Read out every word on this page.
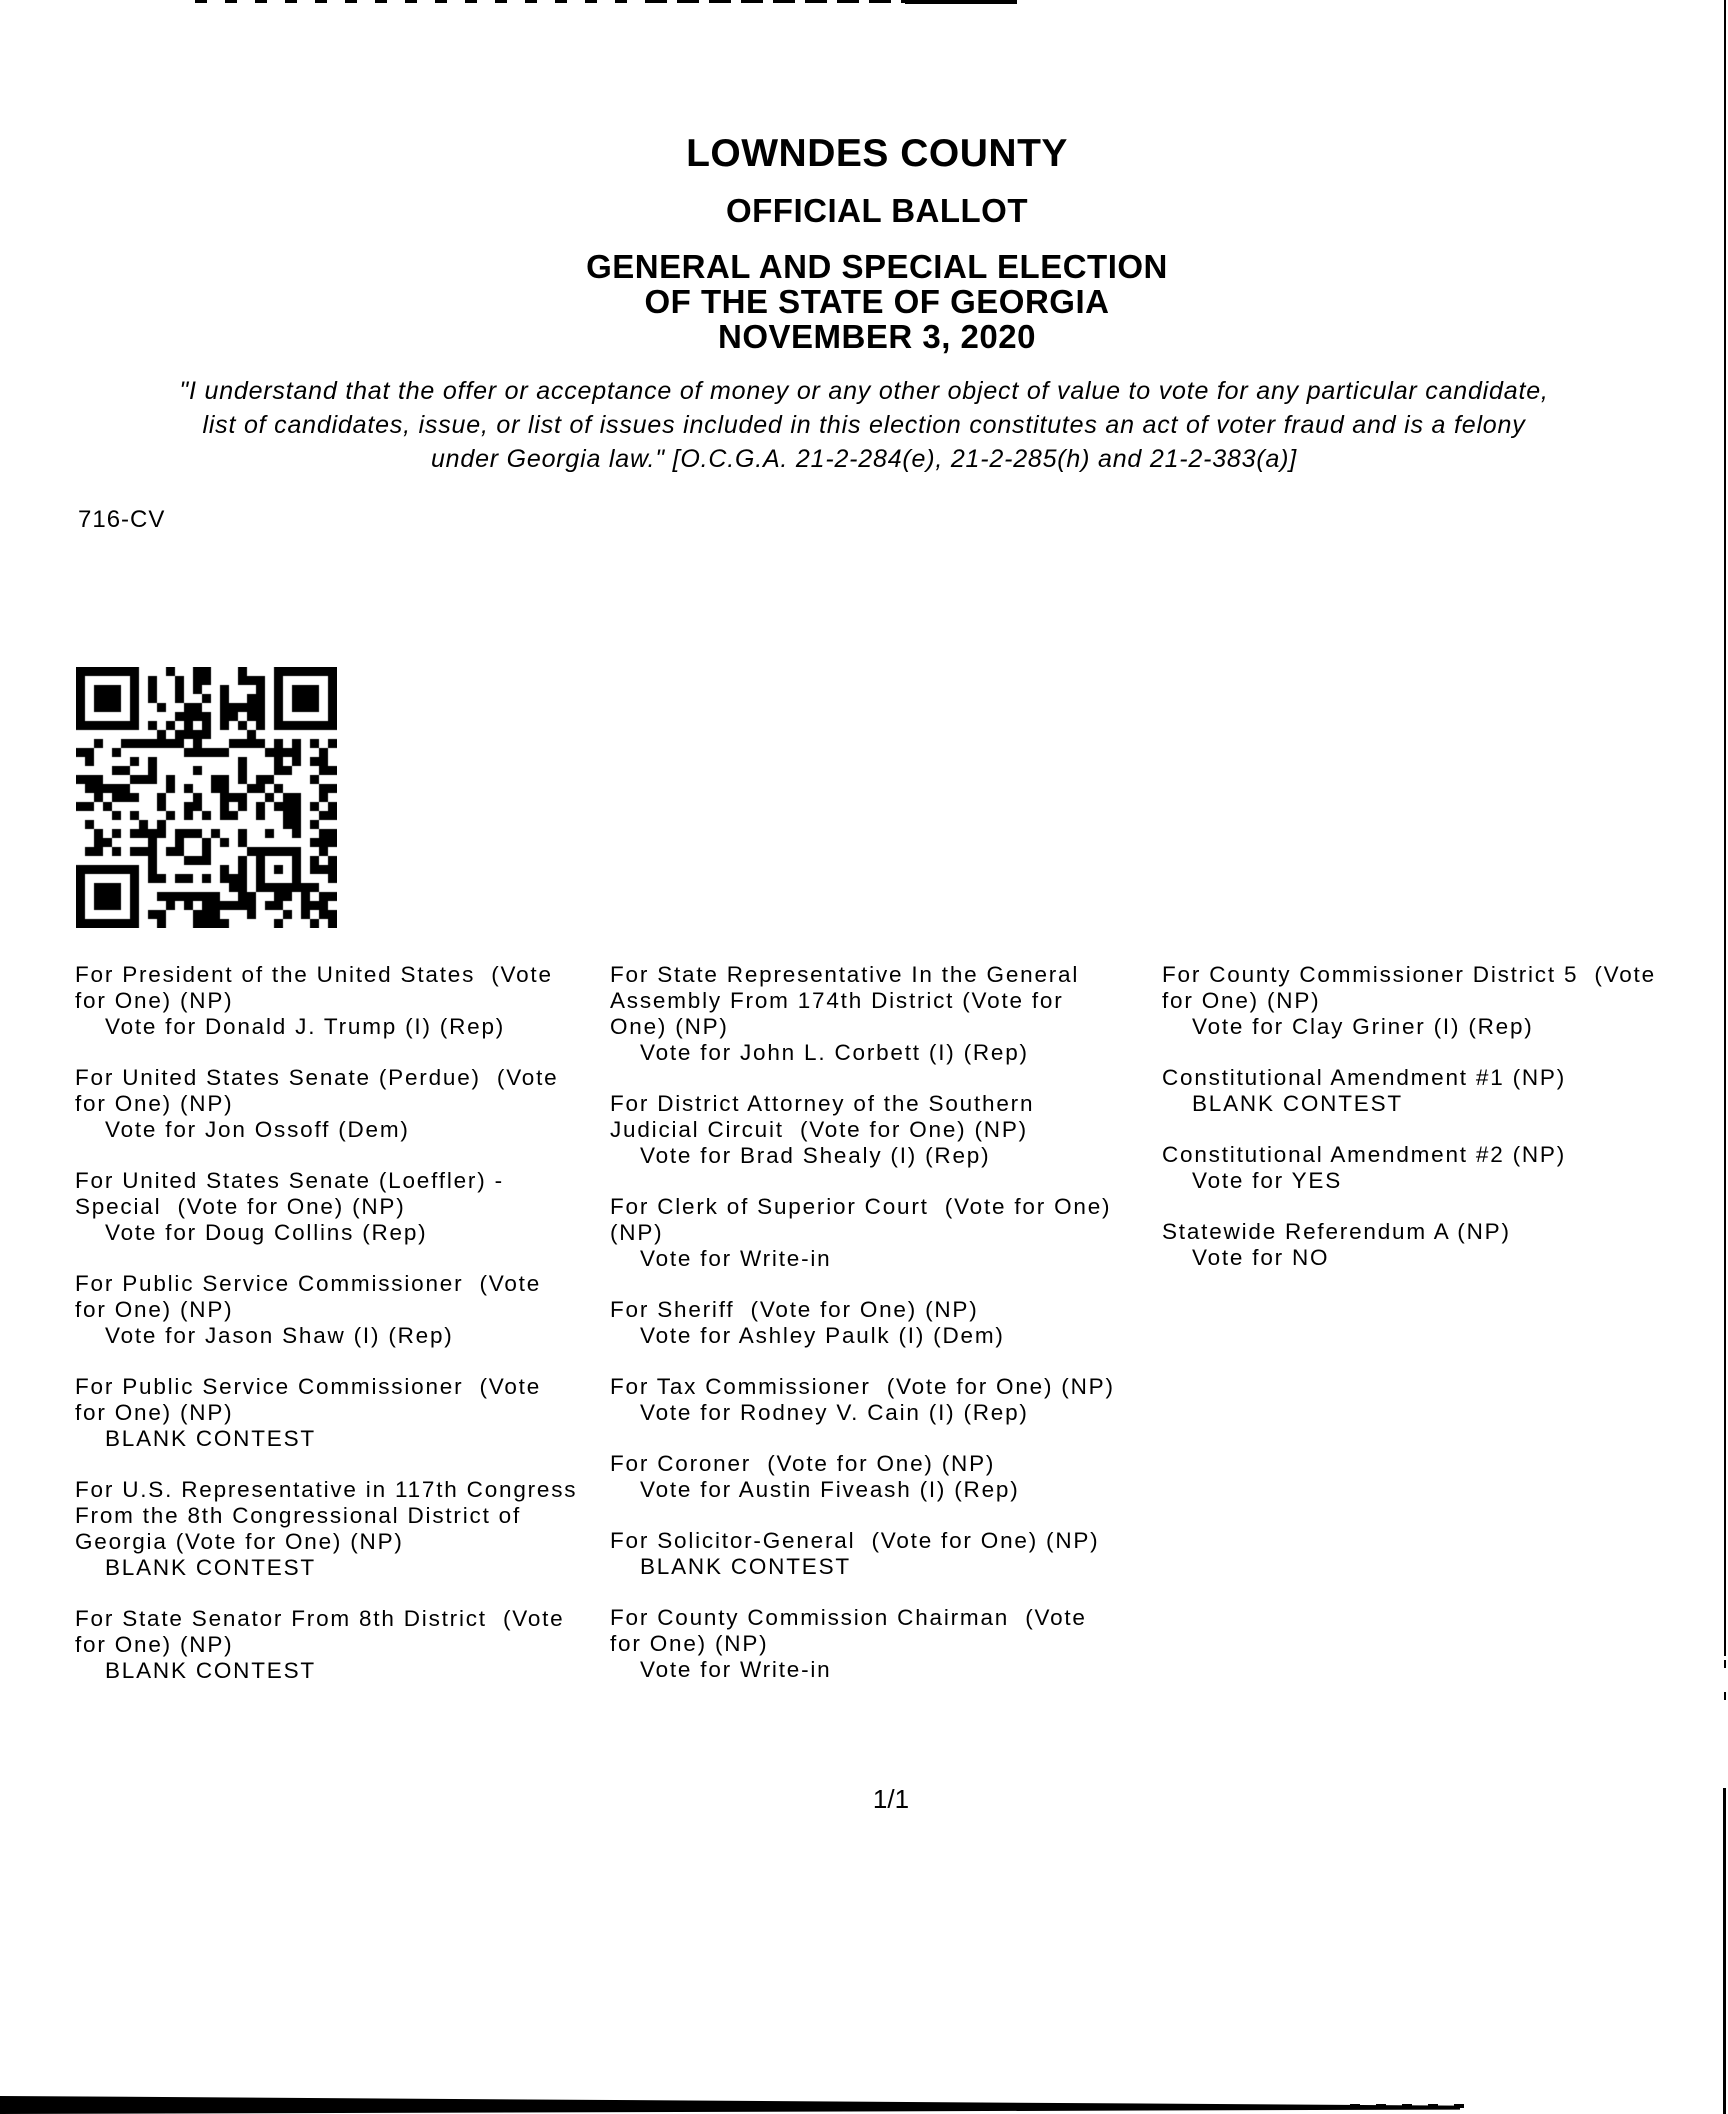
LOWNDES COUNTY
OFFICIAL BALLOT
GENERAL AND SPECIAL ELECTION
OF THE STATE OF GEORGIA
NOVEMBER 3, 2020
"I understand that the offer or acceptance of money or any other object of value to vote for any particular candidate,
list of candidates, issue, or list of issues included in this election constitutes an act of voter fraud and is a felony
under Georgia law." [O.C.G.A. 21-2-284(e), 21-2-285(h) and 21-2-383(a)]
716-CV
For President of the United States  (Vote
for One) (NP)
Vote for Donald J. Trump (I) (Rep)
For United States Senate (Perdue)  (Vote
for One) (NP)
Vote for Jon Ossoff (Dem)
For United States Senate (Loeffler) -
Special  (Vote for One) (NP)
Vote for Doug Collins (Rep)
For Public Service Commissioner  (Vote
for One) (NP)
Vote for Jason Shaw (I) (Rep)
For Public Service Commissioner  (Vote
for One) (NP)
BLANK CONTEST
For U.S. Representative in 117th Congress
From the 8th Congressional District of
Georgia (Vote for One) (NP)
BLANK CONTEST
For State Senator From 8th District  (Vote
for One) (NP)
BLANK CONTEST
For State Representative In the General
Assembly From 174th District (Vote for
One) (NP)
Vote for John L. Corbett (I) (Rep)
For District Attorney of the Southern
Judicial Circuit  (Vote for One) (NP)
Vote for Brad Shealy (I) (Rep)
For Clerk of Superior Court  (Vote for One)
(NP)
Vote for Write-in
For Sheriff  (Vote for One) (NP)
Vote for Ashley Paulk (I) (Dem)
For Tax Commissioner  (Vote for One) (NP)
Vote for Rodney V. Cain (I) (Rep)
For Coroner  (Vote for One) (NP)
Vote for Austin Fiveash (I) (Rep)
For Solicitor-General  (Vote for One) (NP)
BLANK CONTEST
For County Commission Chairman  (Vote
for One) (NP)
Vote for Write-in
For County Commissioner District 5  (Vote
for One) (NP)
Vote for Clay Griner (I) (Rep)
Constitutional Amendment #1 (NP)
BLANK CONTEST
Constitutional Amendment #2 (NP)
Vote for YES
Statewide Referendum A (NP)
Vote for NO
1/1
